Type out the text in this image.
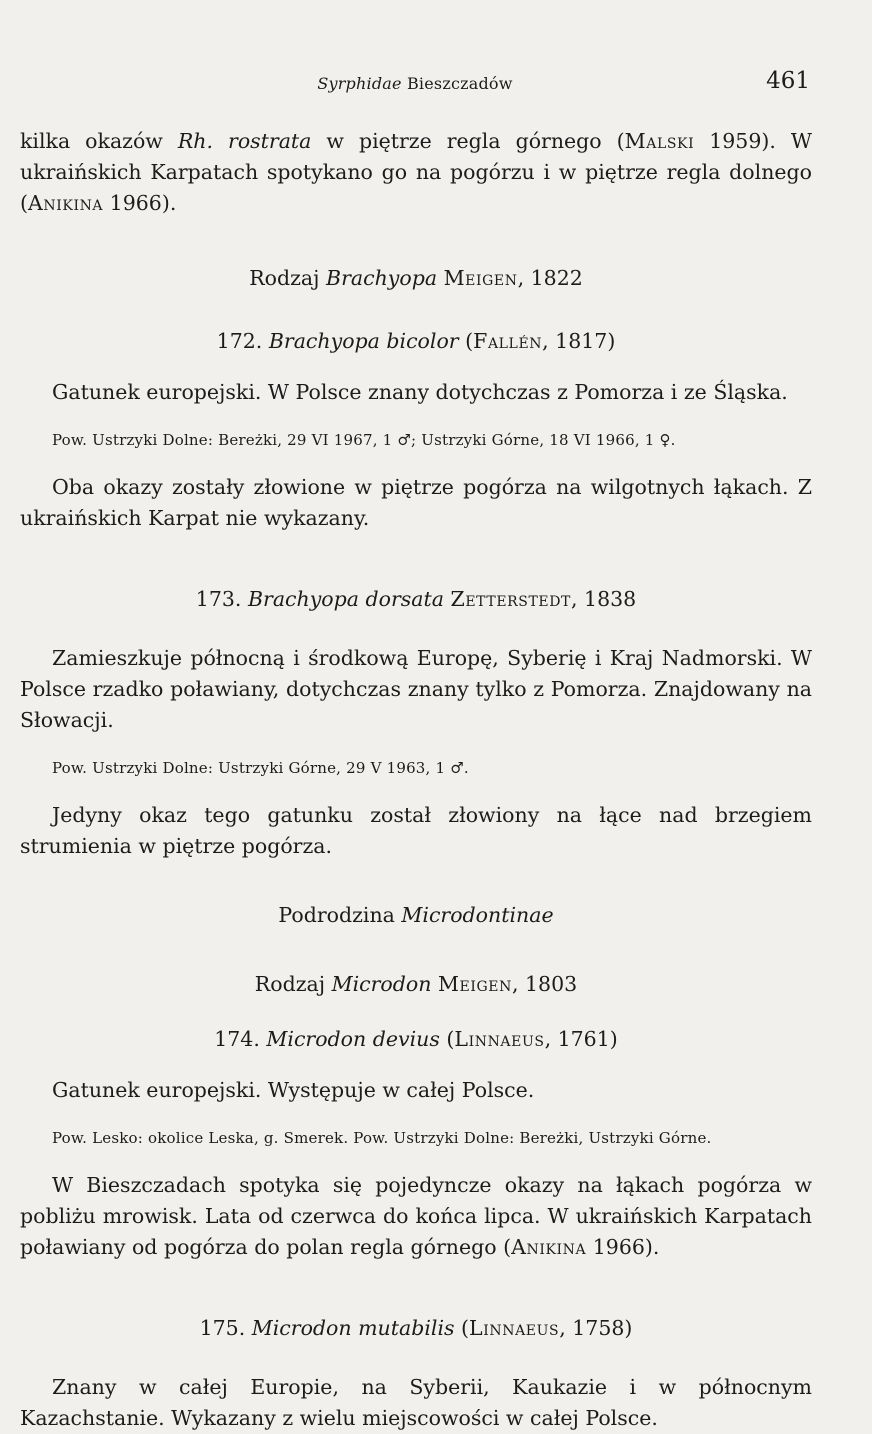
Syrphidae Bieszczadów	461

kilka okazów Rh. rostrata w piętrze regla górnego (Malski 1959). W ukraińskich Karpatach spotykano go na pogórzu i w piętrze regla dolnego (Anikina 1966).

Rodzaj Brachyopa Meigen, 1822

172. Brachyopa bicolor (Fallén, 1817)

Gatunek europejski. W Polsce znany dotychczas z Pomorza i ze Śląska.

Pow. Ustrzyki Dolne: Bereżki, 29 VI 1967, 1 ♂; Ustrzyki Górne, 18 VI 1966, 1 ♀.

Oba okazy zostały złowione w piętrze pogórza na wilgotnych łąkach. Z ukraińskich Karpat nie wykazany.

173. Brachyopa dorsata Zetterstedt, 1838

Zamieszkuje północną i środkową Europę, Syberię i Kraj Nadmorski. W Polsce rzadko poławiany, dotychczas znany tylko z Pomorza. Znajdowany na Słowacji.

Pow. Ustrzyki Dolne: Ustrzyki Górne, 29 V 1963, 1 ♂.

Jedyny okaz tego gatunku został złowiony na łące nad brzegiem strumienia w piętrze pogórza.

Podrodzina Microdontinae

Rodzaj Microdon Meigen, 1803

174. Microdon devius (Linnaeus, 1761)

Gatunek europejski. Występuje w całej Polsce.

Pow. Lesko: okolice Leska, g. Smerek. Pow. Ustrzyki Dolne: Bereżki, Ustrzyki Górne.

W Bieszczadach spotyka się pojedyncze okazy na łąkach pogórza w pobliżu mrowisk. Lata od czerwca do końca lipca. W ukraińskich Karpatach poławiany od pogórza do polan regla górnego (Anikina 1966).

175. Microdon mutabilis (Linnaeus, 1758)

Znany w całej Europie, na Syberii, Kaukazie i w północnym Kazachstanie. Wykazany z wielu miejscowości w całej Polsce.
